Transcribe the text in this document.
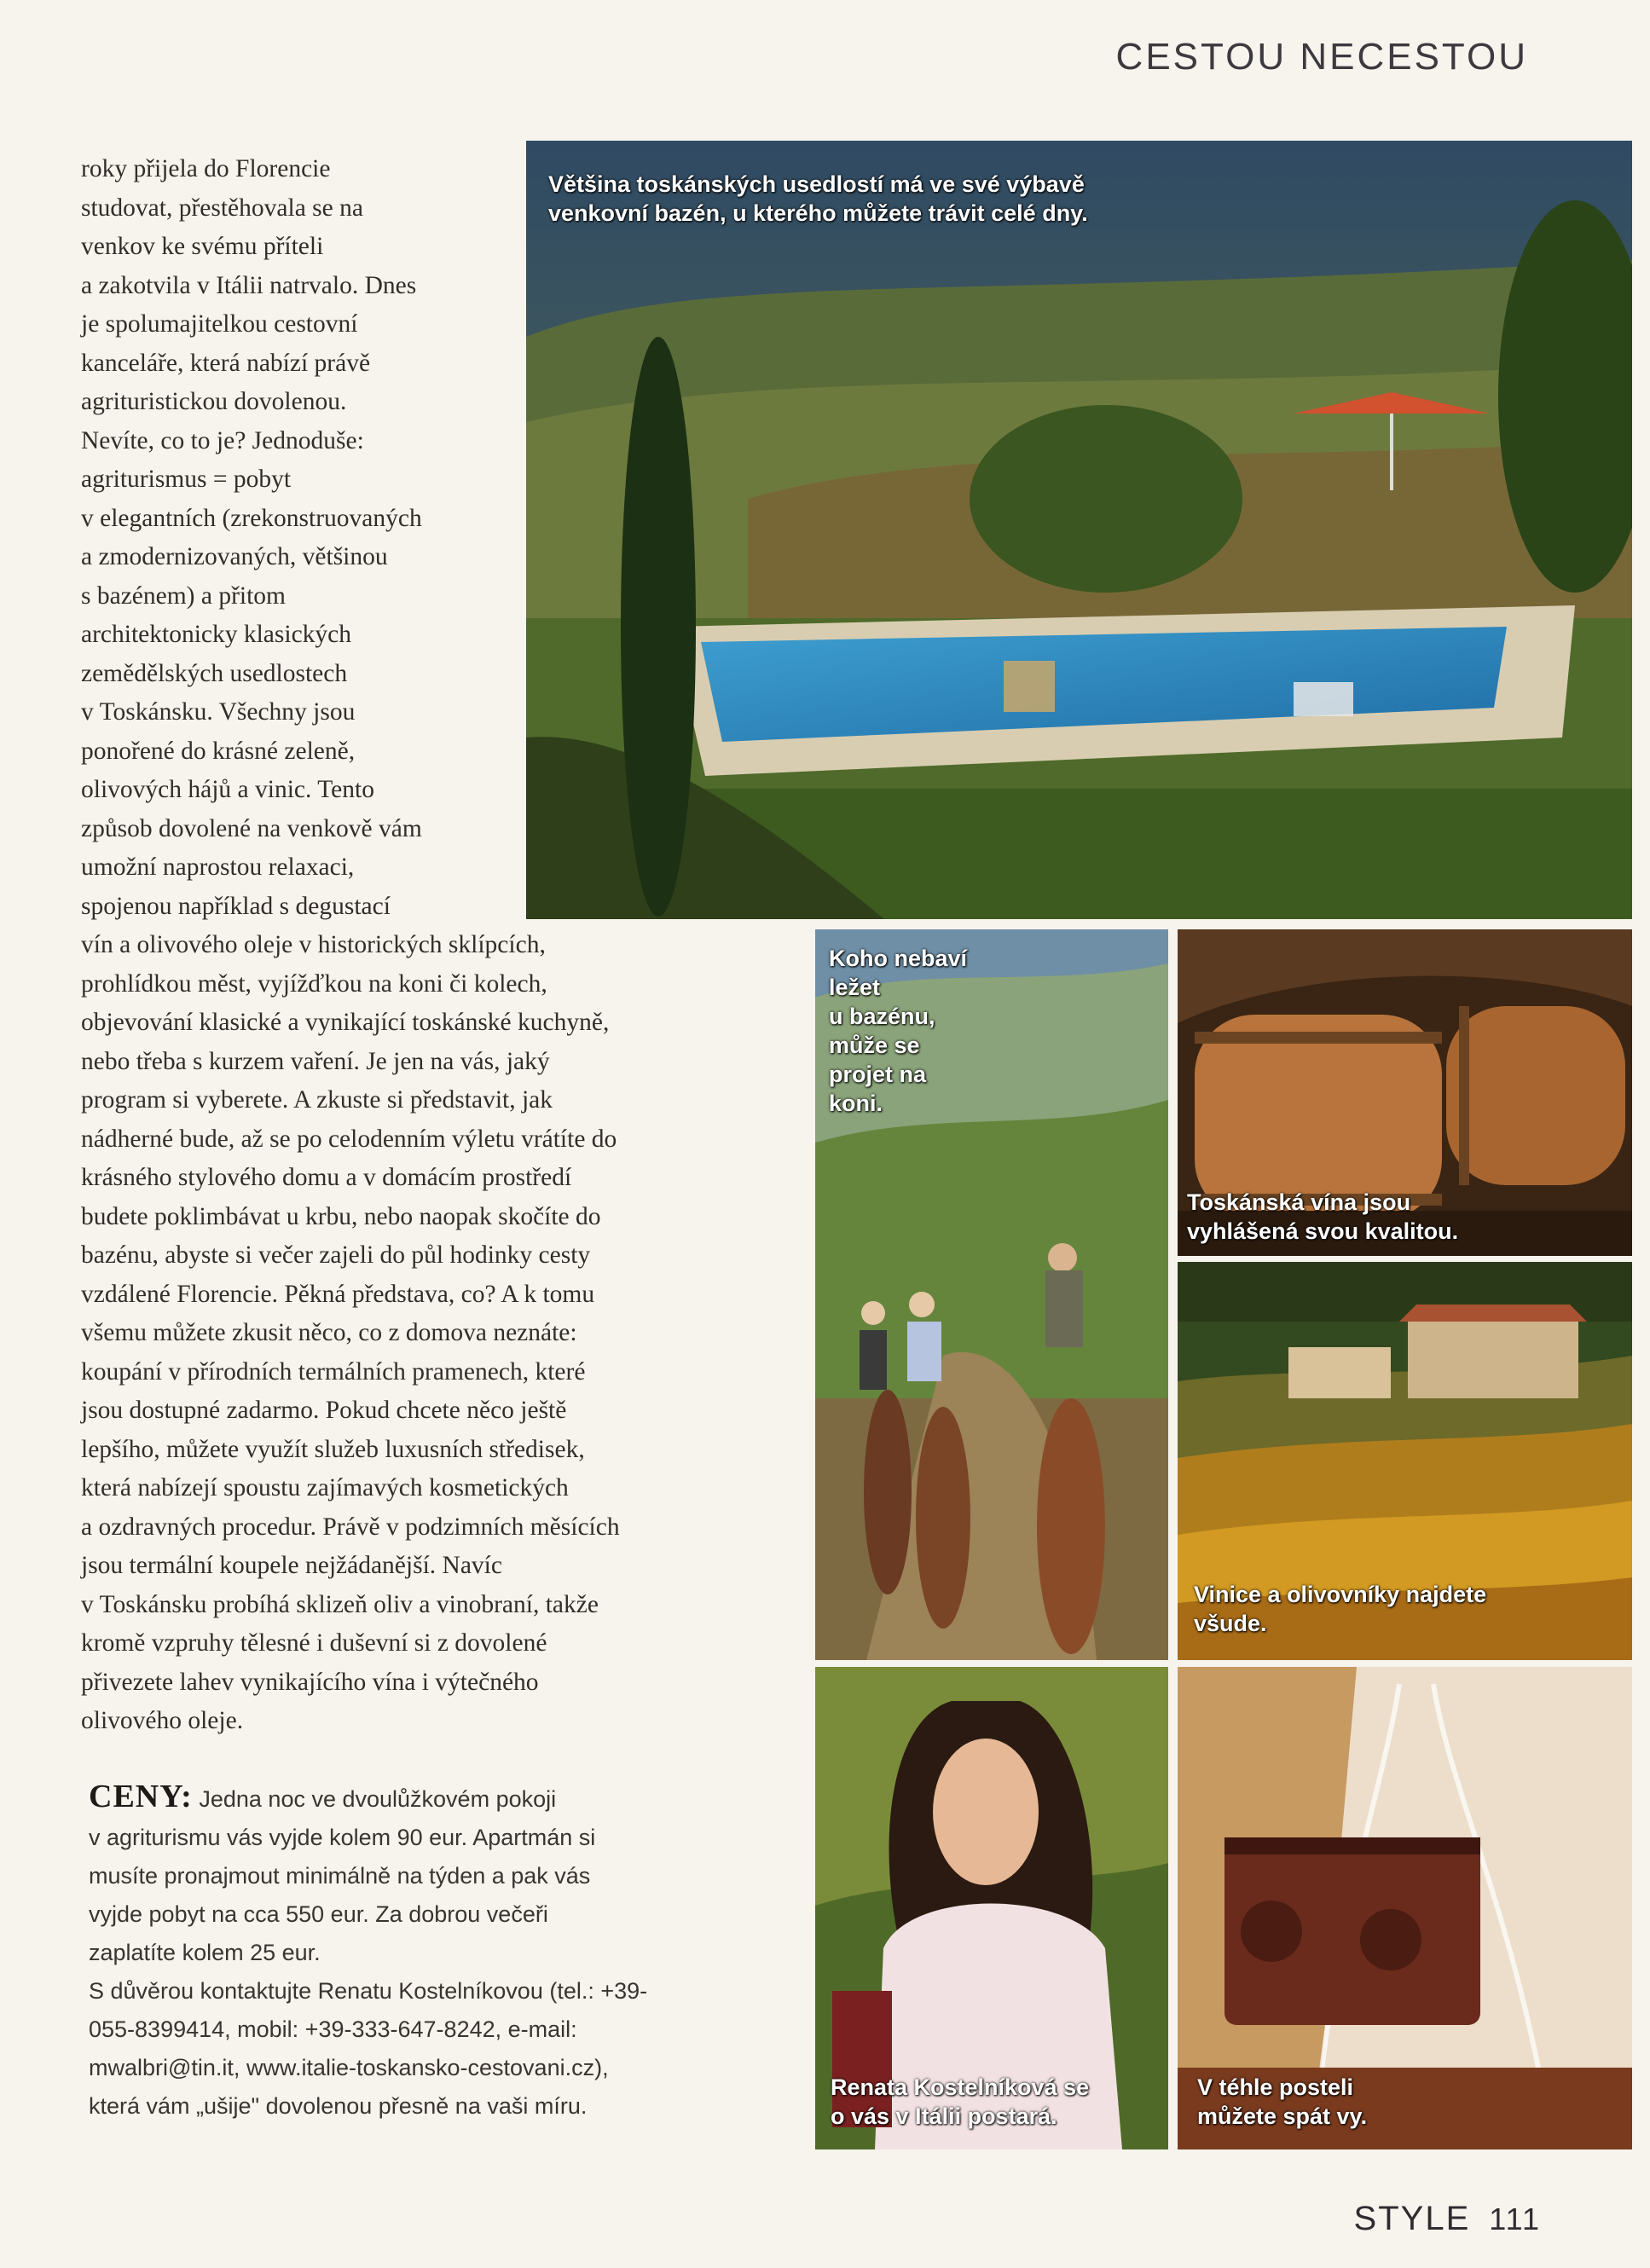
CESTOU NECESTOU
roky přijela do Florencie
studovat, přestěhovala se na
venkov ke svému příteli
a zakotvila v Itálii natrvalo. Dnes
je spolumajitelkou cestovní
kanceláře, která nabízí právě
agrituristickou dovolenou.
Nevíte, co to je? Jednoduše:
agriturismus = pobyt
v elegantních (zrekonstruovaných
a zmodernizovaných, většinou
s bazénem) a přitom
architektonicky klasických
zemědělských usedlostech
v Toskánsku. Všechny jsou
ponořené do krásné zeleně,
olivových hájů a vinic. Tento
způsob dovolené na venkově vám
umožní naprostou relaxaci,
spojenou například s degustací
vín a olivového oleje v historických sklípcích,
prohlídkou měst, vyjížďkou na koni či kolech,
objevování klasické a vynikající toskánské kuchyně,
nebo třeba s kurzem vaření. Je jen na vás, jaký
program si vyberete. A zkuste si představit, jak
nádherné bude, až se po celodenním výletu vrátíte do
krásného stylového domu a v domácím prostředí
budete poklimbávat u krbu, nebo naopak skočíte do
bazénu, abyste si večer zajeli do půl hodinky cesty
vzdálené Florencie. Pěkná představa, co? A k tomu
všemu můžete zkusit něco, co z domova neznáte:
koupání v přírodních termálních pramenech, které
jsou dostupné zadarmo. Pokud chcete něco ještě
lepšího, můžete využít služeb luxusních středisek,
která nabízejí spoustu zajímavých kosmetických
a ozdravných procedur. Právě v podzimních měsících
jsou termální koupele nejžádanější. Navíc
v Toskánsku probíhá sklizeň oliv a vinobraní, takže
kromě vzpruhy tělesné i duševní si z dovolené
přivezete lahev vynikajícího vína i výtečného
olivového oleje.
CENY: Jedna noc ve dvoulůžkovém pokoji
v agriturismu vás vyjde kolem 90 eur. Apartmán si
musíte pronajmout minimálně na týden a pak vás
vyjde pobyt na cca 550 eur. Za dobrou večeři
zaplatíte kolem 25 eur.
S důvěrou kontaktujte Renatu Kostelníkovou (tel.: +39-
055-8399414, mobil: +39-333-647-8242, e-mail:
mwalbri@tin.it, www.italie-toskansko-cestovani.cz),
která vám „ušije" dovolenou přesně na vaši míru.
Většina toskánských usedlostí má ve své výbavě
venkovní bazén, u kterého můžete trávit celé dny.
Koho nebaví
ležet
u bazénu,
může se
projet na
koni.
Toskánská vína jsou
vyhlášená svou kvalitou.
Vinice a olivovníky najdete
všude.
Renata Kostelníková se
o vás v Itálii postará.
V téhle posteli
můžete spát vy.
STYLE 111
